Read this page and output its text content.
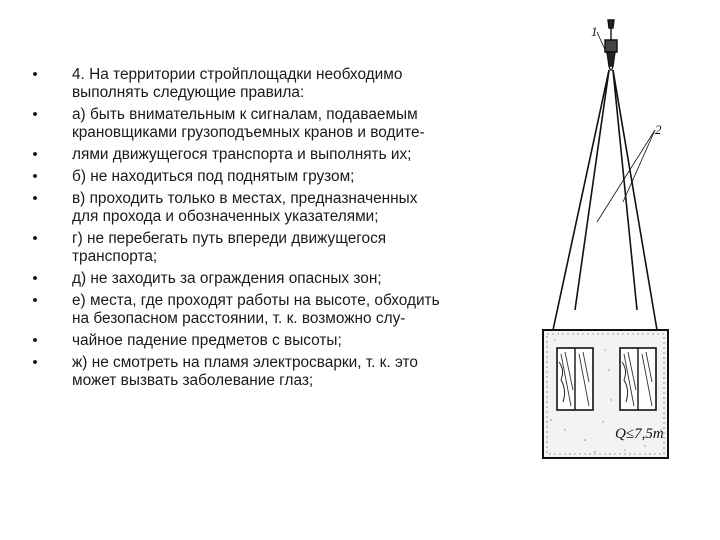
• 4. На территории стройплощадки необходимо
выполнять следующие правила:
• а) быть внимательным к сигналам, подаваемым
крановщиками грузоподъемных кранов и водите-
• лями движущегося транспорта и выполнять их;
• б) не находиться под поднятым грузом;
• в) проходить только в местах, предназначенных
для прохода и обозначенных указателями;
• г) не перебегать путь впереди движущегося
транспорта;
• д) не заходить за ограждения опасных зон;
• е) места, где проходят работы на высоте, обходить
на безопасном расстоянии, т. к. возможно слу-
• чайное падение предметов с высоты;
• ж) не смотреть на пламя электросварки, т. к. это
может вызвать заболевание глаз;
1
2
Q≤7,5т
